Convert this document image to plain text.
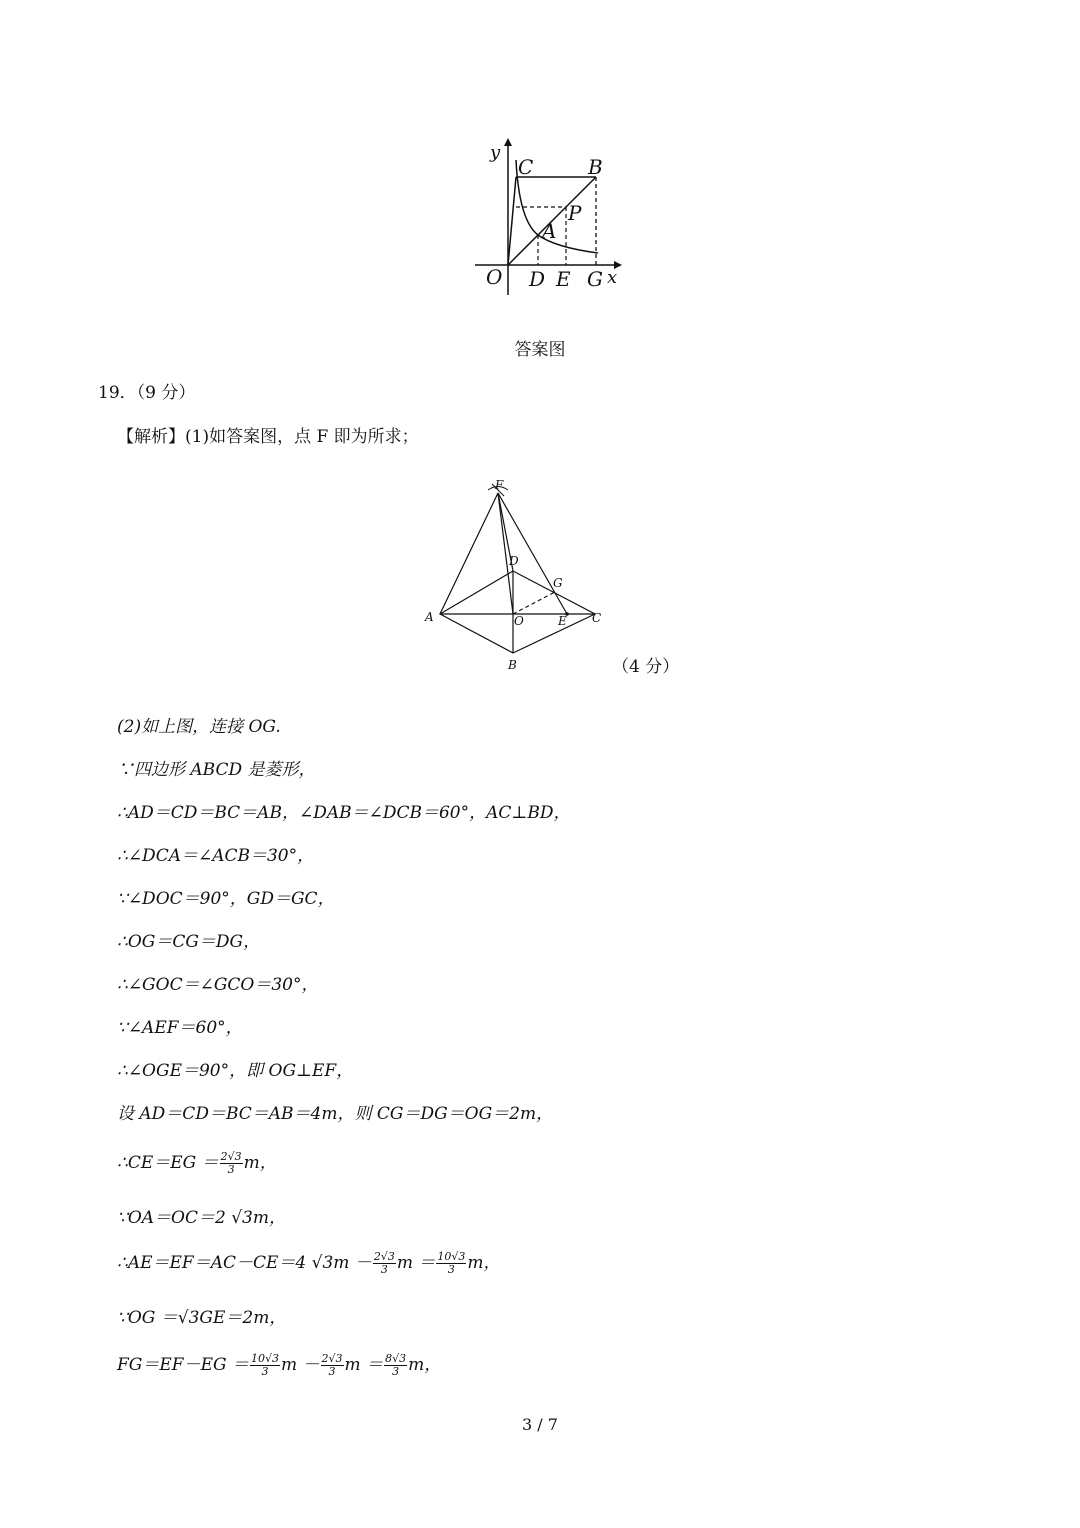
y
C	B
P
A
O D E G x
答案图
19．（9 分）
【解析】(1)如答案图，点 F 即为所求；
F
D
G
A	O	E C
B	（4 分）
(2)如上图，连接 OG.
∵四边形 ABCD 是菱形，
∴AD＝CD＝BC＝AB，∠DAB＝∠DCB＝60°，AC⊥BD，
∴∠DCA＝∠ACB＝30°，
∵∠DOC＝90°，GD＝GC，
∴OG＝CG＝DG，
∴∠GOC＝∠GCO＝30°，
∵∠AEF＝60°，
∴∠OGE＝90°，即 OG⊥EF，
设 AD＝CD＝BC＝AB＝4m，则 CG＝DG＝OG＝2m，
∴CE＝EG ＝ $\frac{2√3}{3}$ m，
∵OA＝OC＝2 √3m，
∴AE＝EF＝AC－CE＝4 $√3m - \frac{2√3}{3}$ $m = \frac{10√3}{3}$ m，
∵OG ＝√3GE＝2m，
$FG=EF-EG = \frac{10√3}{3}$ $m - \frac{2√3}{3}$ $m = \frac{8√3}{3}$ m，
3 / 7
